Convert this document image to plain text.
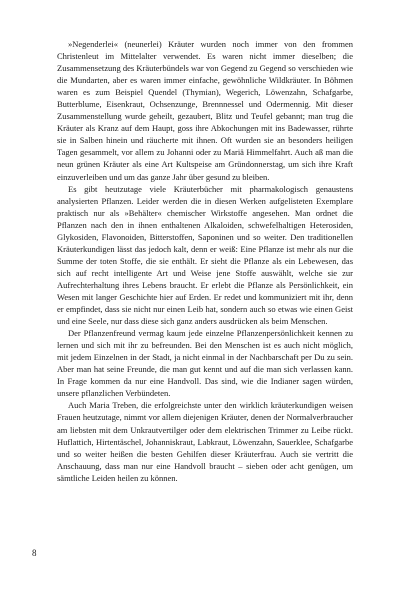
»Negenderlei« (neunerlei) Kräuter wurden noch immer von den frommen Christenleut im Mittelalter verwendet. Es waren nicht immer dieselben; die Zusammensetzung des Kräuterbündels war von Gegend zu Gegend so verschieden wie die Mundarten, aber es waren immer einfache, gewöhnliche Wildkräuter. In Böhmen waren es zum Beispiel Quendel (Thymian), Wegerich, Löwenzahn, Schafgarbe, Butterblume, Eisenkraut, Ochsenzunge, Brennnessel und Odermennig. Mit dieser Zusammenstellung wurde geheilt, gezaubert, Blitz und Teufel gebannt; man trug die Kräuter als Kranz auf dem Haupt, goss ihre Abkochungen mit ins Badewasser, rührte sie in Salben hinein und räucherte mit ihnen. Oft wurden sie an besonders heiligen Tagen gesammelt, vor allem zu Johanni oder zu Mariä Himmelfahrt. Auch aß man die neun grünen Kräuter als eine Art Kultspeise am Gründonnerstag, um sich ihre Kraft einzuverleiben und um das ganze Jahr über gesund zu bleiben.

Es gibt heutzutage viele Kräuterbücher mit pharmakologisch genaustens analysierten Pflanzen. Leider werden die in diesen Werken aufgelisteten Exemplare praktisch nur als »Behälter« chemischer Wirkstoffe angesehen. Man ordnet die Pflanzen nach den in ihnen enthaltenen Alkaloiden, schwefelhaltigen Heterosiden, Glykosiden, Flavonoiden, Bitterstoffen, Saponinen und so weiter. Den traditionellen Kräuterkundigen lässt das jedoch kalt, denn er weiß: Eine Pflanze ist mehr als nur die Summe der toten Stoffe, die sie enthält. Er sieht die Pflanze als ein Lebewesen, das sich auf recht intelligente Art und Weise jene Stoffe auswählt, welche sie zur Aufrechterhaltung ihres Lebens braucht. Er erlebt die Pflanze als Persönlichkeit, ein Wesen mit langer Geschichte hier auf Erden. Er redet und kommuniziert mit ihr, denn er empfindet, dass sie nicht nur einen Leib hat, sondern auch so etwas wie einen Geist und eine Seele, nur dass diese sich ganz anders ausdrücken als beim Menschen.

Der Pflanzenfreund vermag kaum jede einzelne Pflanzenpersönlichkeit kennen zu lernen und sich mit ihr zu befreunden. Bei den Menschen ist es auch nicht möglich, mit jedem Einzelnen in der Stadt, ja nicht einmal in der Nachbarschaft per Du zu sein. Aber man hat seine Freunde, die man gut kennt und auf die man sich verlassen kann. In Frage kommen da nur eine Handvoll. Das sind, wie die Indianer sagen würden, unsere pflanzlichen Verbündeten.

Auch Maria Treben, die erfolgreichste unter den wirklich kräuterkundigen weisen Frauen heutzutage, nimmt vor allem diejenigen Kräuter, denen der Normalverbraucher am liebsten mit dem Unkrautvertilger oder dem elektrischen Trimmer zu Leibe rückt. Huflattich, Hirtentäschel, Johanniskraut, Labkraut, Löwenzahn, Sauerklee, Schafgarbe und so weiter heißen die besten Gehilfen dieser Kräuterfrau. Auch sie vertritt die Anschauung, dass man nur eine Handvoll braucht – sieben oder acht genügen, um sämtliche Leiden heilen zu können.

8
